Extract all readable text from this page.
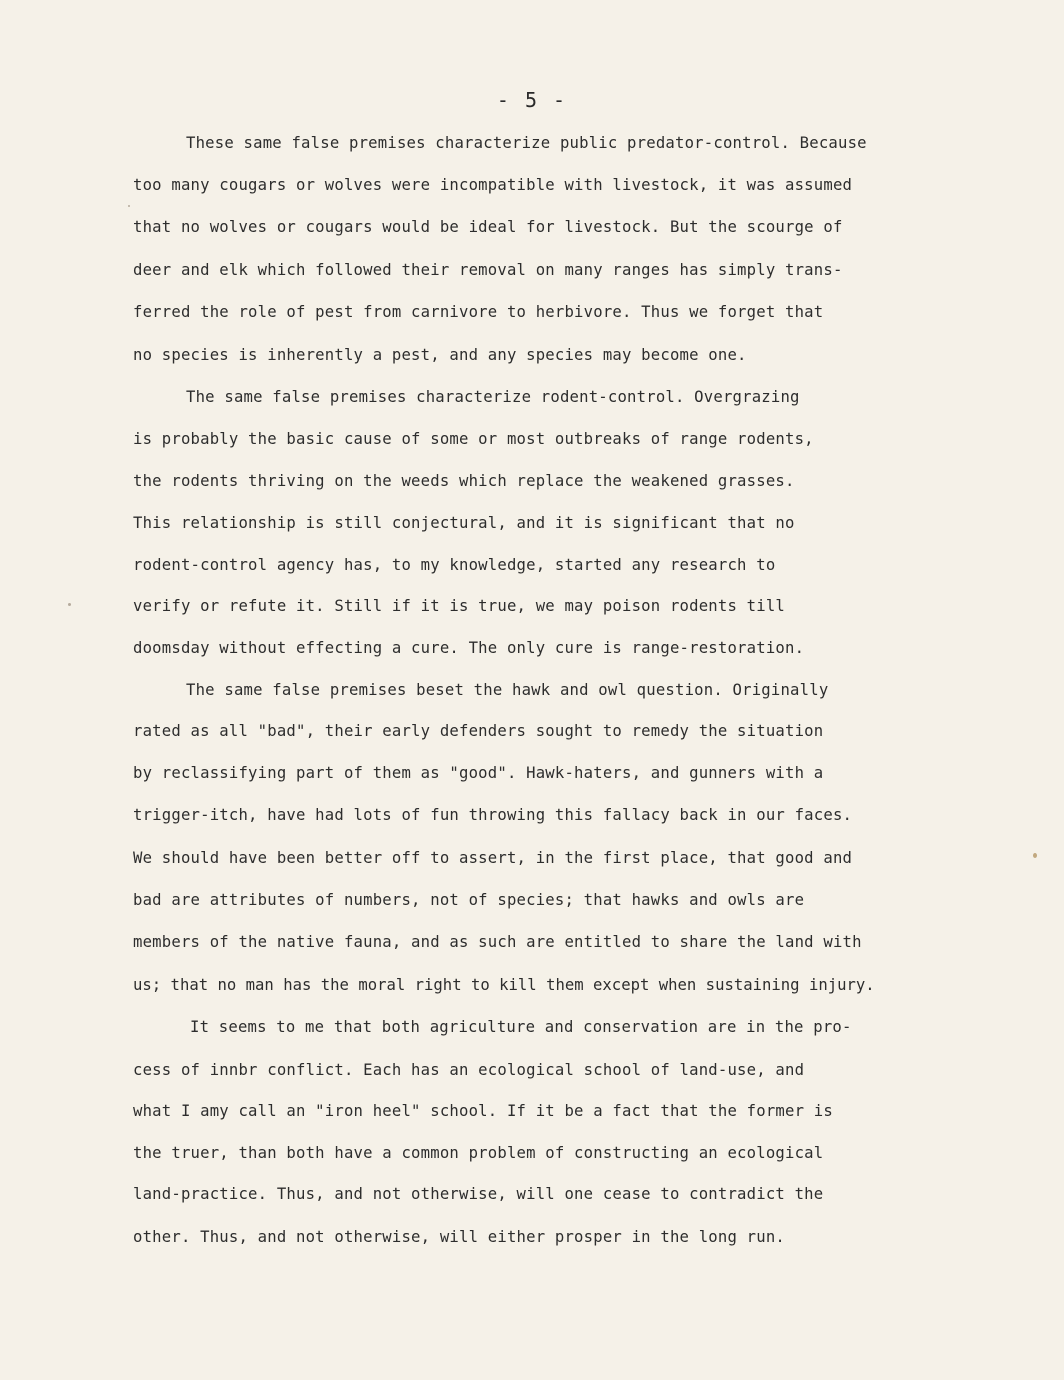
- 5 -
These same false premises characterize public predator-control. Because
too many cougars or wolves were incompatible with livestock, it was assumed
that no wolves or cougars would be ideal for livestock. But the scourge of
deer and elk which followed their removal on many ranges has simply trans-
ferred the role of pest from carnivore to herbivore. Thus we forget that
no species is inherently a pest, and any species may become one.
The same false premises characterize rodent-control. Overgrazing
is probably the basic cause of some or most outbreaks of range rodents,
the rodents thriving on the weeds which replace the weakened grasses.
This relationship is still conjectural, and it is significant that no
rodent-control agency has, to my knowledge, started any research to
verify or refute it. Still if it is true, we may poison rodents till
doomsday without effecting a cure. The only cure is range-restoration.
The same false premises beset the hawk and owl question. Originally
rated as all "bad", their early defenders sought to remedy the situation
by reclassifying part of them as "good". Hawk-haters, and gunners with a
trigger-itch, have had lots of fun throwing this fallacy back in our faces.
We should have been better off to assert, in the first place, that good and
bad are attributes of numbers, not of species; that hawks and owls are
members of the native fauna, and as such are entitled to share the land with
us; that no man has the moral right to kill them except when sustaining injury.
It seems to me that both agriculture and conservation are in the pro-
cess of innbr conflict. Each has an ecological school of land-use, and
what I amy call an "iron heel" school. If it be a fact that the former is
the truer, than both have a common problem of constructing an ecological
land-practice. Thus, and not otherwise, will one cease to contradict the
other. Thus, and not otherwise, will either prosper in the long run.
